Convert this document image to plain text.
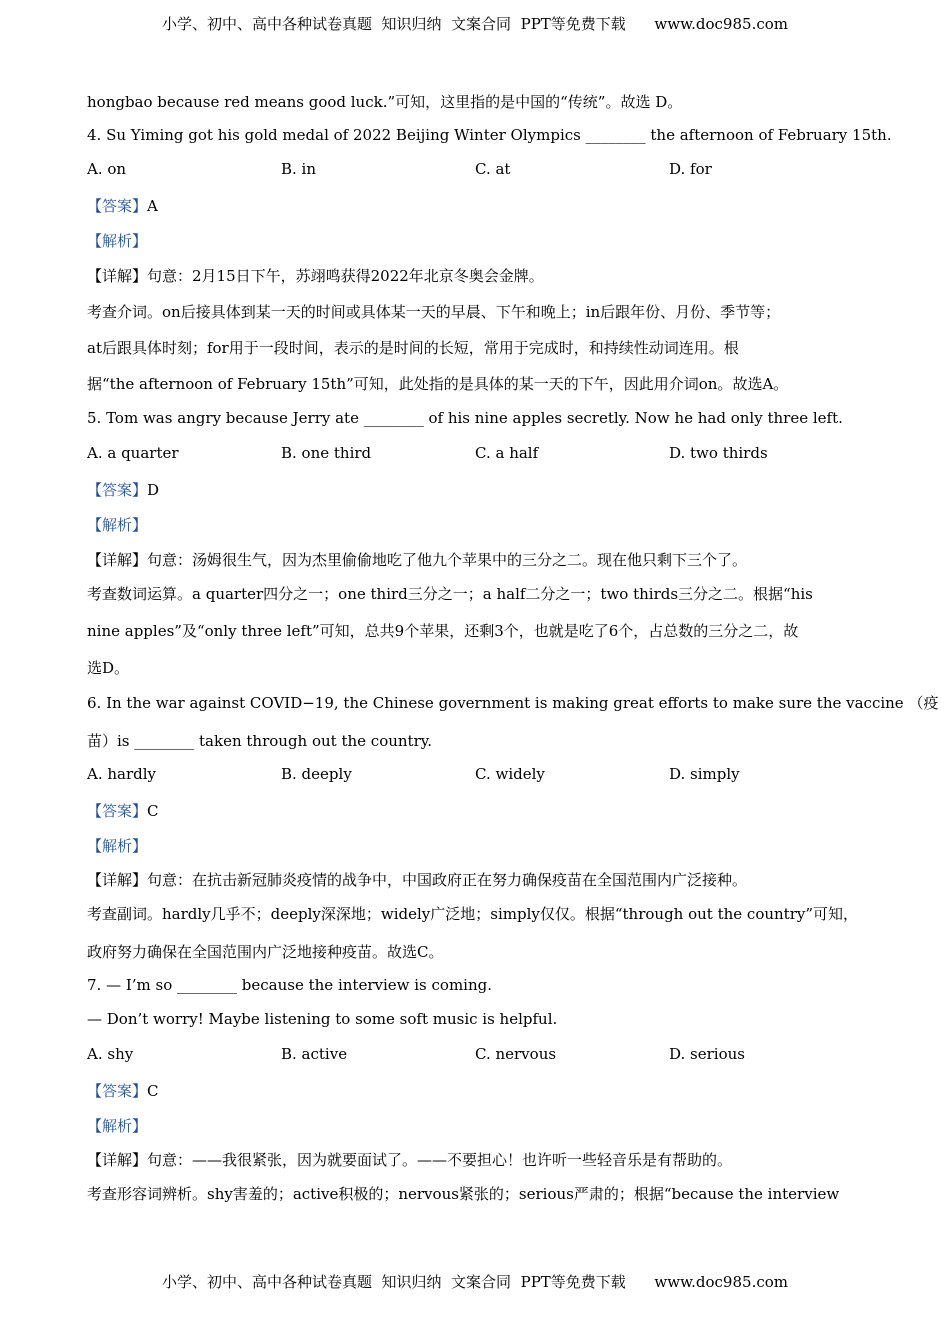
小学、初中、高中各种试卷真题  知识归纳  文案合同  PPT等免费下载      www.doc985.com
hongbao because red means good luck.”可知，这里指的是中国的“传统”。故选 D。
4. Su Yiming got his gold medal of 2022 Beijing Winter Olympics ________ the afternoon of February 15th.
A. on	B. in	C. at	D. for
【答案】A
【解析】
【详解】句意：2月15日下午，苏翊鸣获得2022年北京冬奥会金牌。
考查介词。on后接具体到某一天的时间或具体某一天的早晨、下午和晚上；in后跟年份、月份、季节等；
at后跟具体时刻；for用于一段时间，表示的是时间的长短，常用于完成时，和持续性动词连用。根
据“the afternoon of February 15th”可知，此处指的是具体的某一天的下午，因此用介词on。故选A。
5. Tom was angry because Jerry ate ________ of his nine apples secretly. Now he had only three left.
A. a quarter	B. one third	C. a half	D. two thirds
【答案】D
【解析】
【详解】句意：汤姆很生气，因为杰里偷偷地吃了他九个苹果中的三分之二。现在他只剩下三个了。
考查数词运算。a quarter四分之一；one third三分之一；a half二分之一；two thirds三分之二。根据“his
nine apples”及“only three left”可知，总共9个苹果，还剩3个，也就是吃了6个，占总数的三分之二，故
选D。
6. In the war against COVID−19, the Chinese government is making great efforts to make sure the vaccine （疫
苗）is ________ taken through out the country.
A. hardly	B. deeply	C. widely	D. simply
【答案】C
【解析】
【详解】句意：在抗击新冠肺炎疫情的战争中，中国政府正在努力确保疫苗在全国范围内广泛接种。
考查副词。hardly几乎不；deeply深深地；widely广泛地；simply仅仅。根据“through out the country”可知，
政府努力确保在全国范围内广泛地接种疫苗。故选C。
7. — I’m so ________ because the interview is coming.
— Don’t worry! Maybe listening to some soft music is helpful.
A. shy	B. active	C. nervous	D. serious
【答案】C
【解析】
【详解】句意：——我很紧张，因为就要面试了。——不要担心！也许听一些轻音乐是有帮助的。
考查形容词辨析。shy害羞的；active积极的；nervous紧张的；serious严肃的；根据“because the interview
小学、初中、高中各种试卷真题  知识归纳  文案合同  PPT等免费下载      www.doc985.com
